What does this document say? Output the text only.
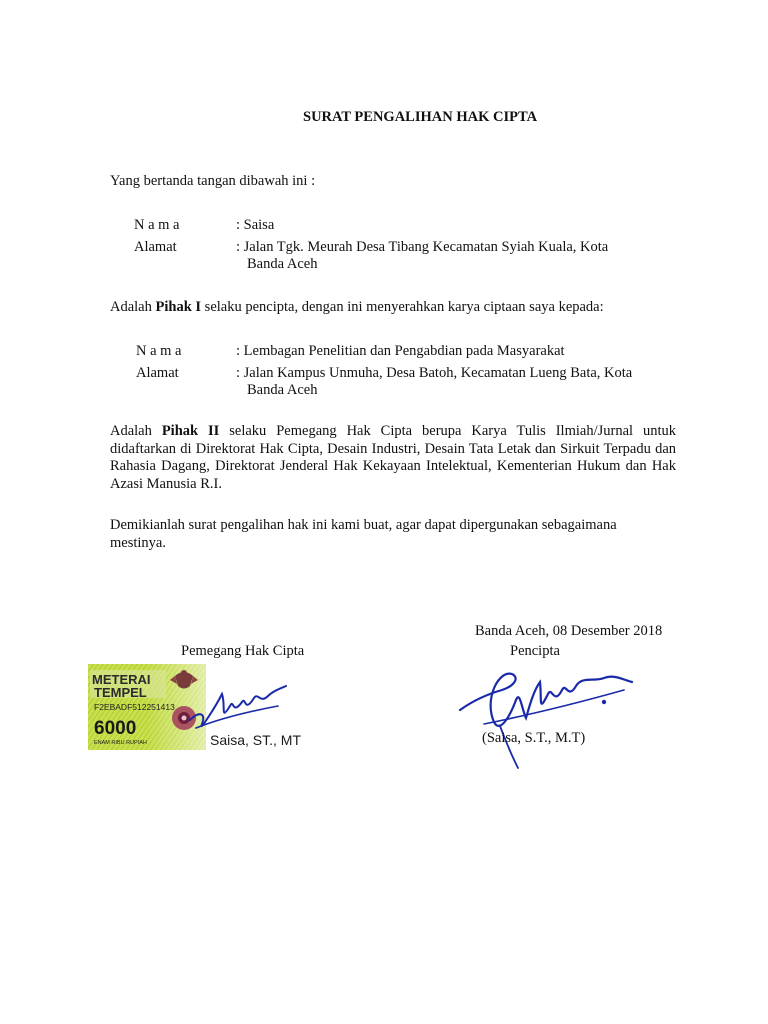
SURAT PENGALIHAN HAK CIPTA
Yang bertanda tangan dibawah ini :
N a m a	: Saisa
Alamat	: Jalan Tgk. Meurah Desa Tibang Kecamatan Syiah Kuala, Kota
Banda Aceh
Adalah Pihak I selaku pencipta, dengan ini menyerahkan karya ciptaan saya kepada:
N a m a	: Lembagan Penelitian dan Pengabdian pada Masyarakat
Alamat	: Jalan Kampus Unmuha, Desa Batoh, Kecamatan Lueng Bata, Kota
Banda Aceh
Adalah Pihak II selaku Pemegang Hak Cipta berupa Karya Tulis Ilmiah/Jurnal untuk didaftarkan di Direktorat Hak Cipta, Desain Industri, Desain Tata Letak dan Sirkuit Terpadu dan Rahasia Dagang, Direktorat Jenderal Hak Kekayaan Intelektual, Kementerian Hukum dan Hak Azasi Manusia R.I.
Demikianlah surat pengalihan hak ini kami buat, agar dapat dipergunakan sebagaimana mestinya.
Banda Aceh, 08 Desember 2018
Pemegang Hak Cipta	Pencipta
METERAI
TEMPEL
F2EBADF512251413
6000
ENAM RIBU RUPIAH	Saisa, ST., MT	(Saisa, S.T., M.T)
